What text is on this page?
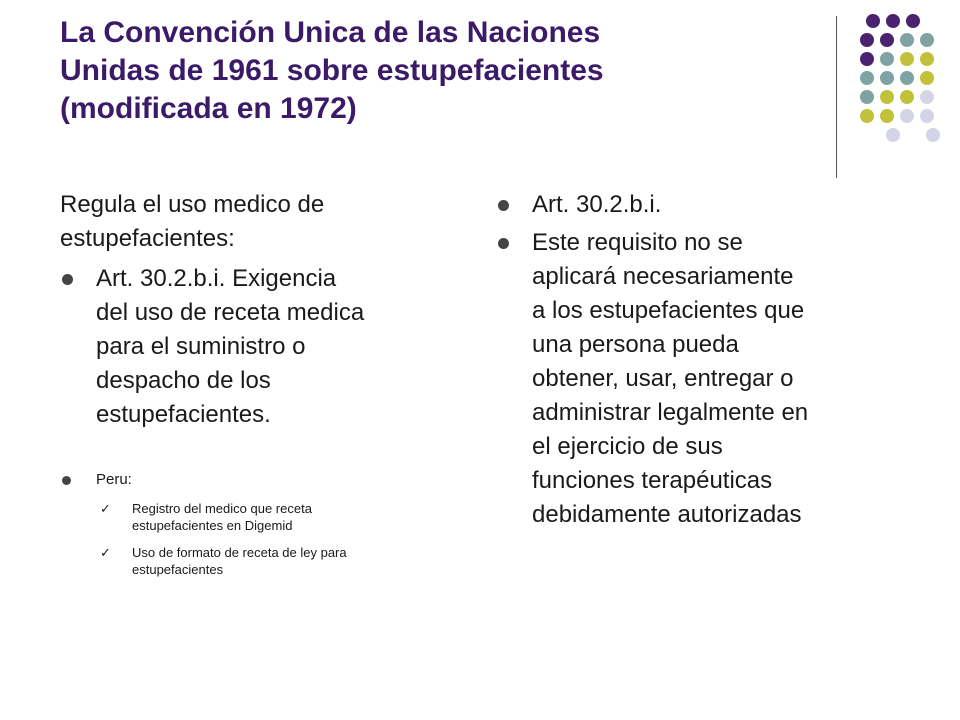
La Convención Unica de las Naciones
Unidas de 1961 sobre estupefacientes
(modificada en 1972)
Regula el uso medico de
estupefacientes:
Art. 30.2.b.i. Exigencia
del uso de receta medica
para el suministro o
despacho de los
estupefacientes.
Peru:
✓ Registro del medico que receta
estupefacientes en Digemid
✓ Uso de formato de receta de ley para
estupefacientes
Art. 30.2.b.i.
Este requisito no se
aplicará necesariamente
a los estupefacientes que
una persona pueda
obtener, usar, entregar o
administrar legalmente en
el ejercicio de sus
funciones terapéuticas
debidamente autorizadas
